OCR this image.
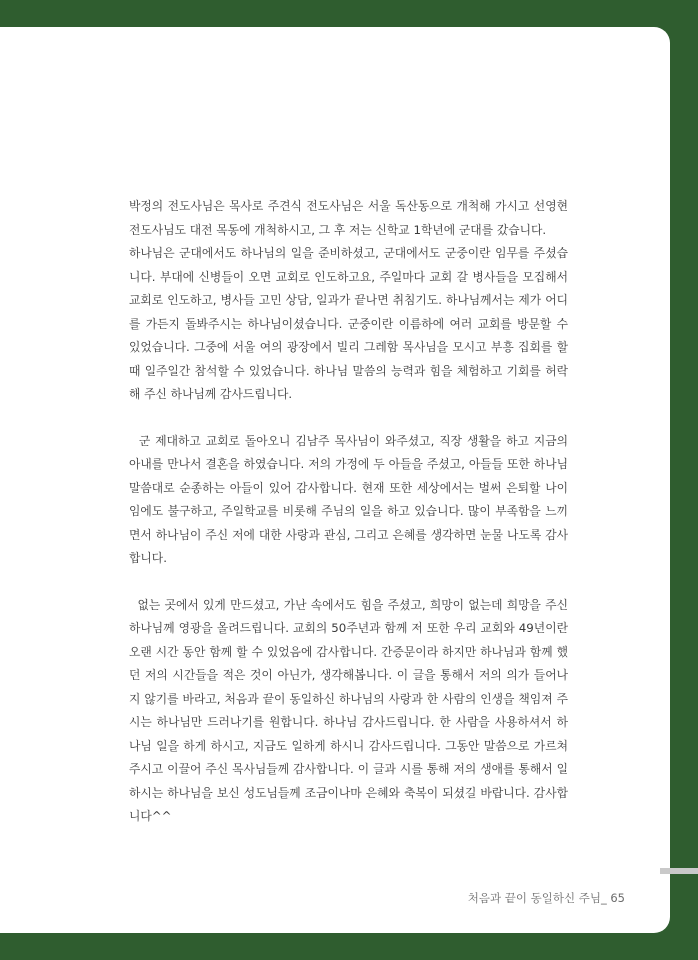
박정의 전도사님은 목사로 주견식 전도사님은 서울 독산동으로 개척해 가시고 선영현 전도사님도 대전 목동에 개척하시고, 그 후 저는 신학교 1학년에 군대를 갔습니다.

하나님은 군대에서도 하나님의 일을 준비하셨고, 군대에서도 군중이란 임무를 주셨습니다. 부대에 신병들이 오면 교회로 인도하고요, 주일마다 교회 갈 병사들을 모집해서 교회로 인도하고, 병사들 고민 상담, 일과가 끝나면 취침기도. 하나님께서는 제가 어디를 가든지 돌봐주시는 하나님이셨습니다. 군중이란 이름하에 여러 교회를 방문할 수 있었습니다. 그중에 서울 여의 광장에서 빌리 그레함 목사님을 모시고 부흥 집회를 할 때 일주일간 참석할 수 있었습니다. 하나님 말씀의 능력과 힘을 체험하고 기회를 허락해 주신 하나님께 감사드립니다.

군 제대하고 교회로 돌아오니 김남주 목사님이 와주셨고, 직장 생활을 하고 지금의 아내를 만나서 결혼을 하였습니다. 저의 가정에 두 아들을 주셨고, 아들들 또한 하나님 말씀대로 순종하는 아들이 있어 감사합니다. 현재 또한 세상에서는 벌써 은퇴할 나이임에도 불구하고, 주일학교를 비롯해 주님의 일을 하고 있습니다. 많이 부족함을 느끼면서 하나님이 주신 저에 대한 사랑과 관심, 그리고 은혜를 생각하면 눈물 나도록 감사합니다.

없는 곳에서 있게 만드셨고, 가난 속에서도 힘을 주셨고, 희망이 없는데 희망을 주신 하나님께 영광을 올려드립니다. 교회의 50주년과 함께 저 또한 우리 교회와 49년이란 오랜 시간 동안 함께 할 수 있었음에 감사합니다. 간증문이라 하지만 하나님과 함께 했던 저의 시간들을 적은 것이 아닌가, 생각해봅니다. 이 글을 통해서 저의 의가 들어나지 않기를 바라고, 처음과 끝이 동일하신 하나님의 사랑과 한 사람의 인생을 책임져 주시는 하나님만 드러나기를 원합니다. 하나님 감사드립니다. 한 사람을 사용하셔서 하나님 일을 하게 하시고, 지금도 일하게 하시니 감사드립니다. 그동안 말씀으로 가르쳐 주시고 이끌어 주신 목사님들께 감사합니다. 이 글과 시를 통해 저의 생애를 통해서 일하시는 하나님을 보신 성도님들께 조금이나마 은혜와 축복이 되셨길 바랍니다. 감사합니다^^

처음과 끝이 동일하신 주님_ 65
